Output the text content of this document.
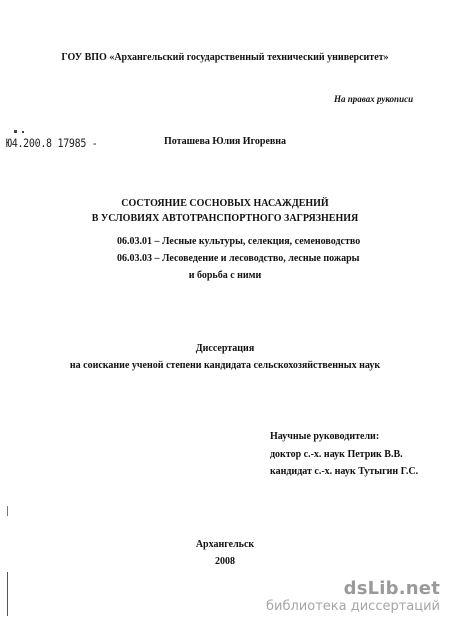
ГОУ ВПО «Архангельский государственный технический университет»
На правах рукописи
Ю4.200.8 17985 -	Поташева Юлия Игоревна
СОСТОЯНИЕ СОСНОВЫХ НАСАЖДЕНИЙ
В УСЛОВИЯХ АВТОТРАНСПОРТНОГО ЗАГРЯЗНЕНИЯ
06.03.01 – Лесные культуры, селекция, семеноводство
06.03.03 – Лесоведение и лесоводство, лесные пожары
и борьба с ними
Диссертация
на соискание ученой степени кандидата сельскохозяйственных наук
Научные руководители:
доктор с.-х. наук Петрик В.В.
кандидат с.-х. наук Тутыгин Г.С.
Архангельск
2008
dsLib.net
библиотека диссертаций
